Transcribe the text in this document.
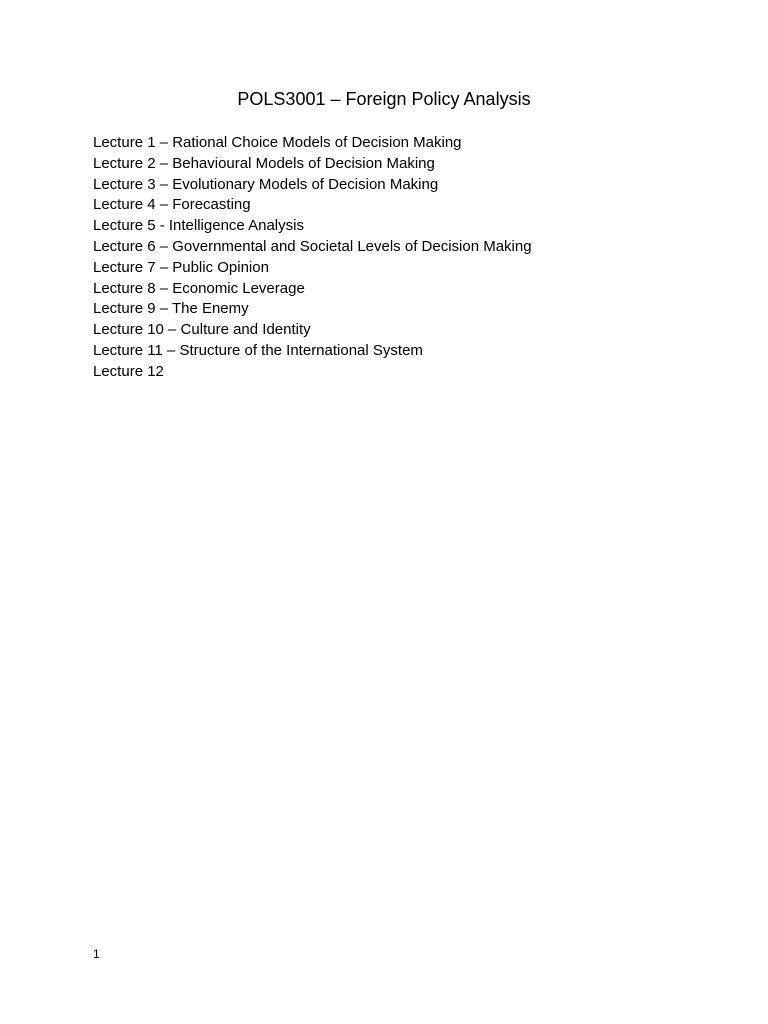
POLS3001 – Foreign Policy Analysis
Lecture 1 – Rational Choice Models of Decision Making
Lecture 2 – Behavioural Models of Decision Making
Lecture 3 – Evolutionary Models of Decision Making
Lecture 4 – Forecasting
Lecture 5 - Intelligence Analysis
Lecture 6 – Governmental and Societal Levels of Decision Making
Lecture 7 – Public Opinion
Lecture 8 – Economic Leverage
Lecture 9 – The Enemy
Lecture 10 – Culture and Identity
Lecture 11 – Structure of the International System
Lecture 12
1
